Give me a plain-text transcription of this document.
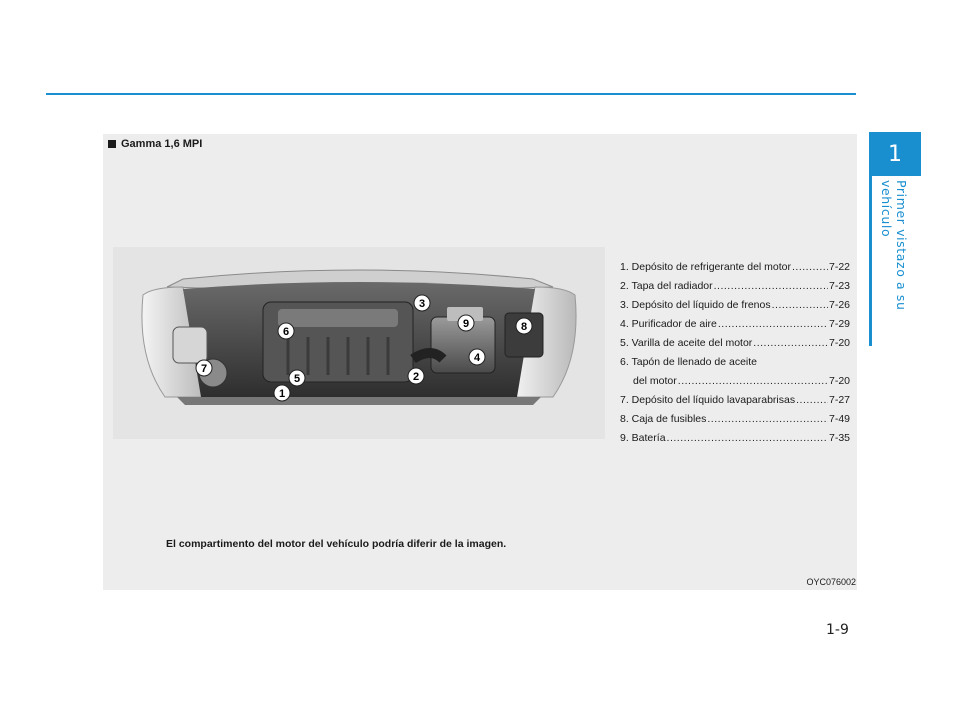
1
Primer vistazo a su vehículo
Gamma 1,6 MPI
1
2
3
4
5
6
7
8
9
1. Depósito de refrigerante del motor .....	7-22
2. Tapa del radiador .....	7-23
3. Depósito del líquido de frenos .....	7-26
4. Purificador de aire .....	7-29
5. Varilla de aceite del motor .....	7-20
6. Tapón de llenado de aceite
del motor .....	7-20
7. Depósito del líquido lavaparabrisas .....	7-27
8. Caja de fusibles .....	7-49
9. Batería .....	7-35
El compartimento del motor del vehículo podría diferir de la imagen.
OYC076002
1-9
